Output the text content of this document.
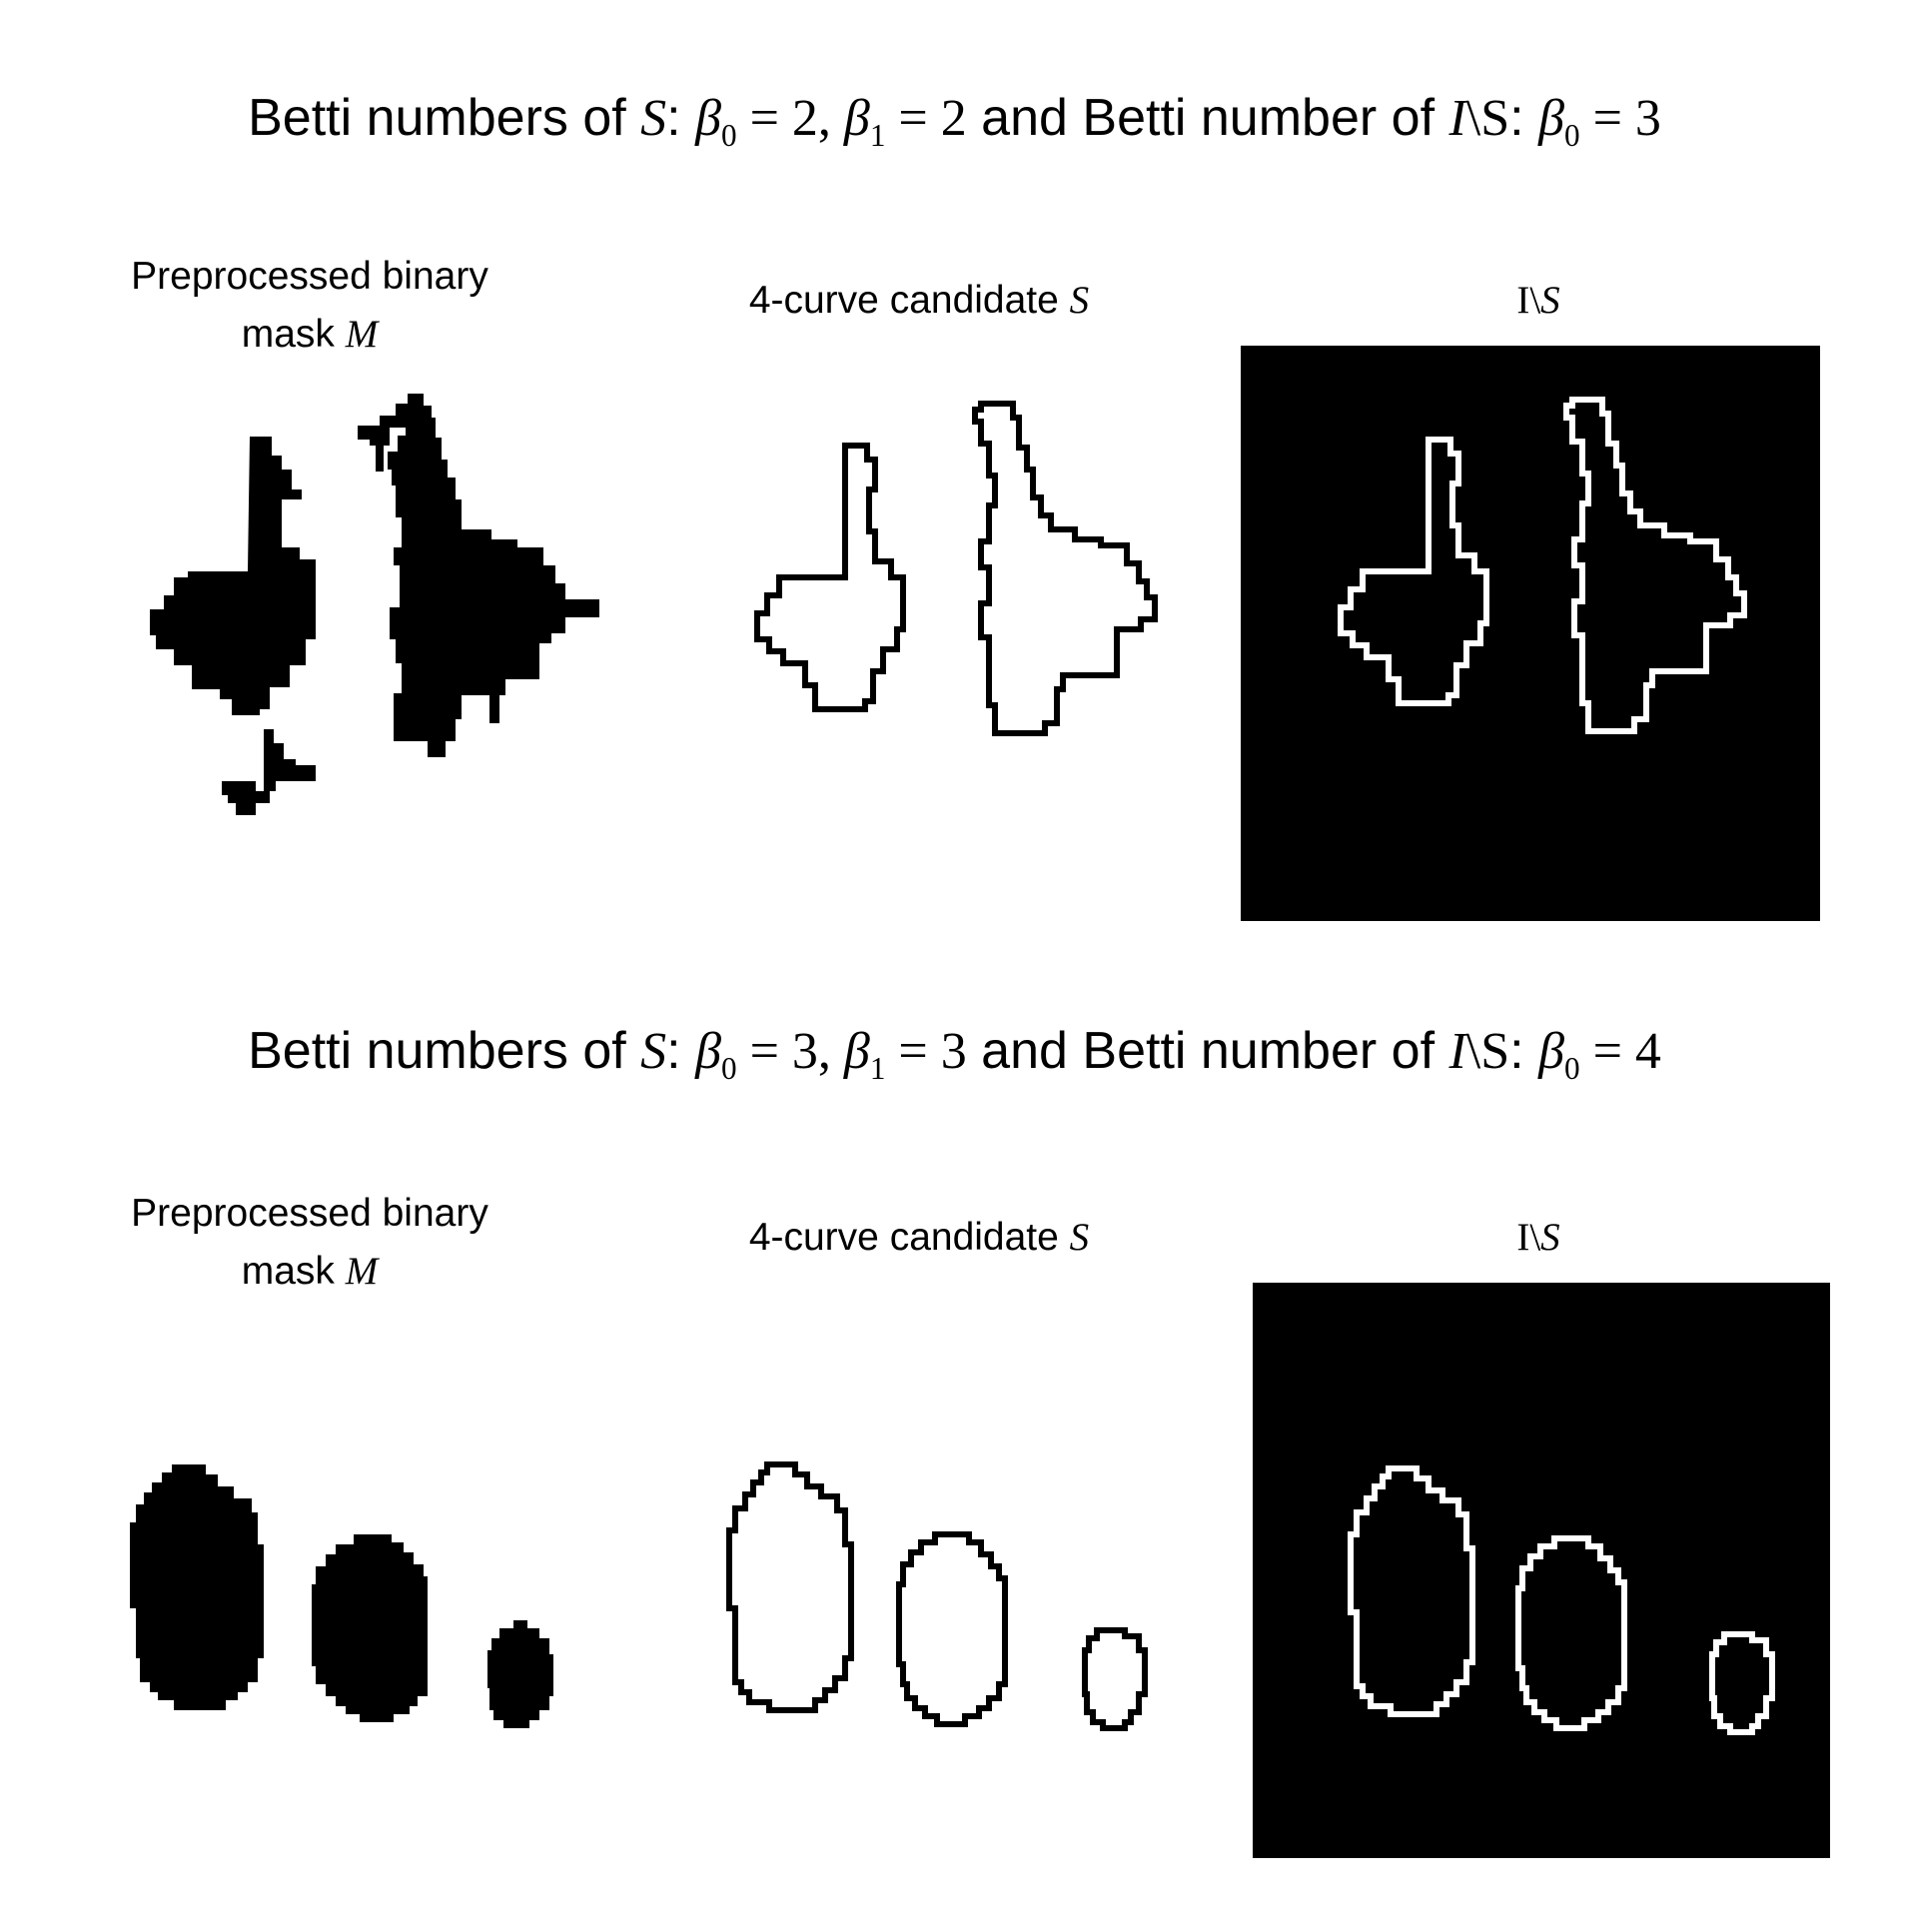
Betti numbers of S: $\beta_0 = 2$, $\beta_1 = 2$ and Betti number of I\S: $\beta_0 = 3$
Preprocessed binary
mask M
4-curve candidate S	I\S
Betti numbers of S: $\beta_0 = 3$, $\beta_1 = 3$ and Betti number of I\S: $\beta_0 = 4$
Preprocessed binary
mask M
4-curve candidate S	I\S
